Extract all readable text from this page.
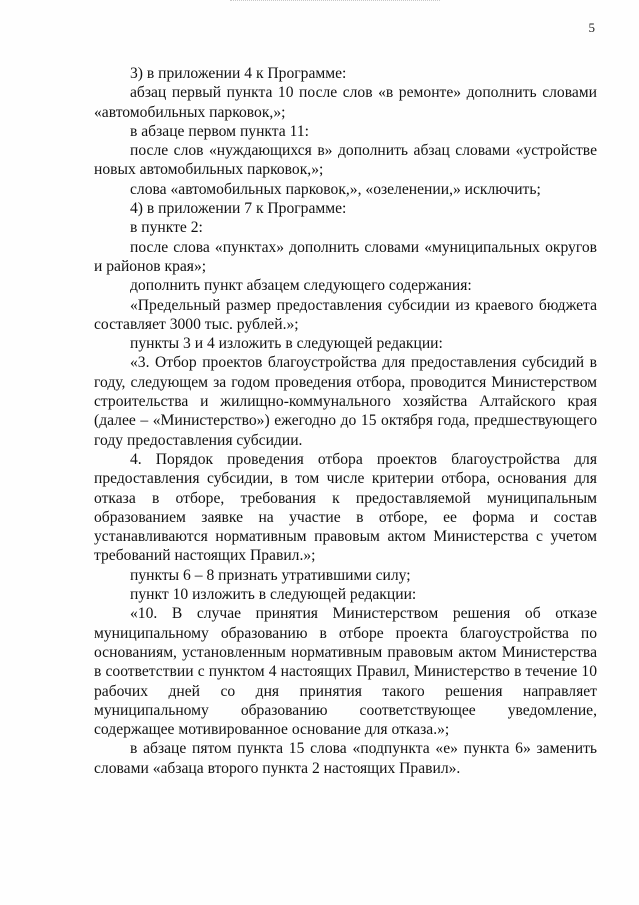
5

3) в приложении 4 к Программе:

абзац первый пункта 10 после слов «в ремонте» дополнить словами «автомобильных парковок,»;

в абзаце первом пункта 11:

после слов «нуждающихся в» дополнить абзац словами «устройстве новых автомобильных парковок,»;

слова «автомобильных парковок,», «озеленении,» исключить;

4) в приложении 7 к Программе:

в пункте 2:

после слова «пунктах» дополнить словами «муниципальных округов и районов края»;

дополнить пункт абзацем следующего содержания:

«Предельный размер предоставления субсидии из краевого бюджета составляет 3000 тыс. рублей.»;

пункты 3 и 4 изложить в следующей редакции:

«3. Отбор проектов благоустройства для предоставления субсидий в году, следующем за годом проведения отбора, проводится Министерством строительства и жилищно-коммунального хозяйства Алтайского края (далее – «Министерство») ежегодно до 15 октября года, предшествующего году предоставления субсидии.

4. Порядок проведения отбора проектов благоустройства для предоставления субсидии, в том числе критерии отбора, основания для отказа в отборе, требования к предоставляемой муниципальным образованием заявке на участие в отборе, ее форма и состав устанавливаются нормативным правовым актом Министерства с учетом требований настоящих Правил.»;

пункты 6 – 8 признать утратившими силу;

пункт 10 изложить в следующей редакции:

«10. В случае принятия Министерством решения об отказе муниципальному образованию в отборе проекта благоустройства по основаниям, установленным нормативным правовым актом Министерства в соответствии с пунктом 4 настоящих Правил, Министерство в течение 10 рабочих дней со дня принятия такого решения направляет муниципальному образованию соответствующее уведомление, содержащее мотивированное основание для отказа.»;

в абзаце пятом пункта 15 слова «подпункта «е» пункта 6» заменить словами «абзаца второго пункта 2 настоящих Правил».
